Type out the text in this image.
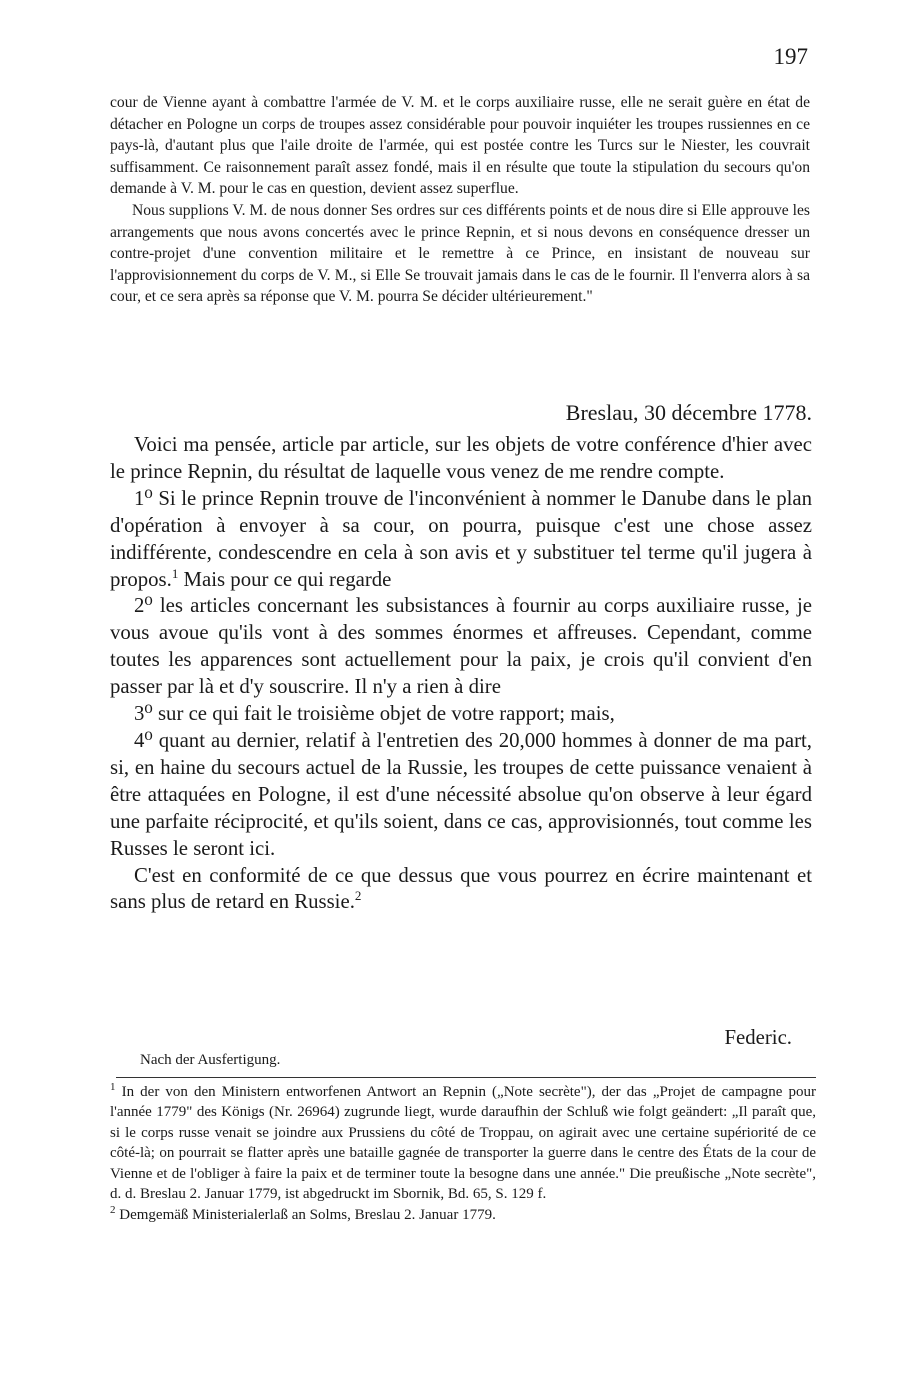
197

cour de Vienne ayant à combattre l'armée de V. M. et le corps auxiliaire russe, elle ne serait guère en état de détacher en Pologne un corps de troupes assez considérable pour pouvoir inquiéter les troupes russiennes en ce pays-là, d'autant plus que l'aile droite de l'armée, qui est postée contre les Turcs sur le Niester, les couvrait suffisamment. Ce raisonnement paraît assez fondé, mais il en résulte que toute la stipulation du secours qu'on demande à V. M. pour le cas en question, devient assez superflue.

Nous supplions V. M. de nous donner Ses ordres sur ces différents points et de nous dire si Elle approuve les arrangements que nous avons concertés avec le prince Repnin, et si nous devons en conséquence dresser un contre-projet d'une convention militaire et le remettre à ce Prince, en insistant de nouveau sur l'approvisionnement du corps de V. M., si Elle Se trouvait jamais dans le cas de le fournir. Il l'enverra alors à sa cour, et ce sera après sa réponse que V. M. pourra Se décider ultérieurement."

Breslau, 30 décembre 1778.

Voici ma pensée, article par article, sur les objets de votre conférence d'hier avec le prince Repnin, du résultat de laquelle vous venez de me rendre compte.

1⁰ Si le prince Repnin trouve de l'inconvénient à nommer le Danube dans le plan d'opération à envoyer à sa cour, on pourra, puisque c'est une chose assez indifférente, condescendre en cela à son avis et y substituer tel terme qu'il jugera à propos.$^1$ Mais pour ce qui regarde

2⁰ les articles concernant les subsistances à fournir au corps auxiliaire russe, je vous avoue qu'ils vont à des sommes énormes et affreuses. Cependant, comme toutes les apparences sont actuellement pour la paix, je crois qu'il convient d'en passer par là et d'y souscrire. Il n'y a rien à dire

3⁰ sur ce qui fait le troisième objet de votre rapport; mais,

4⁰ quant au dernier, relatif à l'entretien des 20,000 hommes à donner de ma part, si, en haine du secours actuel de la Russie, les troupes de cette puissance venaient à être attaquées en Pologne, il est d'une nécessité absolue qu'on observe à leur égard une parfaite réciprocité, et qu'ils soient, dans ce cas, approvisionnés, tout comme les Russes le seront ici.

C'est en conformité de ce que dessus que vous pourrez en écrire maintenant et sans plus de retard en Russie.$^2$

Federic.
Nach der Ausfertigung.

$^1$ In der von den Ministern entworfenen Antwort an Repnin („Note secrète"), der das „Projet de campagne pour l'année 1779" des Königs (Nr. 26964) zugrunde liegt, wurde daraufhin der Schluß wie folgt geändert: „Il paraît que, si le corps russe venait se joindre aux Prussiens du côté de Troppau, on agirait avec une certaine supériorité de ce côté-là; on pourrait se flatter après une bataille gagnée de transporter la guerre dans le centre des États de la cour de Vienne et de l'obliger à faire la paix et de terminer toute la besogne dans une année." Die preußische „Note secrète", d. d. Breslau 2. Januar 1779, ist abgedruckt im Sbornik, Bd. 65, S. 129 f.

$^2$ Demgemäß Ministerialerlaß an Solms, Breslau 2. Januar 1779.
